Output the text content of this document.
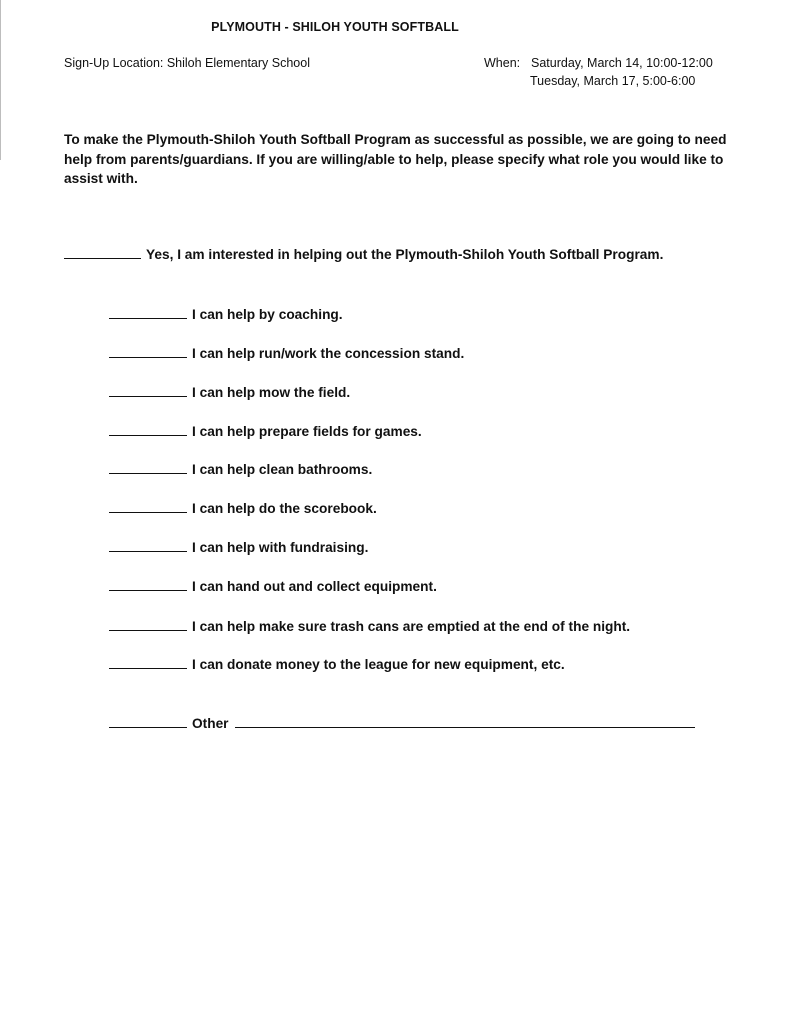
PLYMOUTH - SHILOH YOUTH SOFTBALL
Sign-Up Location: Shiloh Elementary School	When: Saturday, March 14, 10:00-12:00
Tuesday, March 17, 5:00-6:00
To make the Plymouth-Shiloh Youth Softball Program as successful as possible, we are going to need help from parents/guardians. If you are willing/able to help, please specify what role you would like to assist with.
Yes, I am interested in helping out the Plymouth-Shiloh Youth Softball Program.
I can help by coaching.
I can help run/work the concession stand.
I can help mow the field.
I can help prepare fields for games.
I can help clean bathrooms.
I can help do the scorebook.
I can help with fundraising.
I can hand out and collect equipment.
I can help make sure trash cans are emptied at the end of the night.
I can donate money to the league for new equipment, etc.
Other
